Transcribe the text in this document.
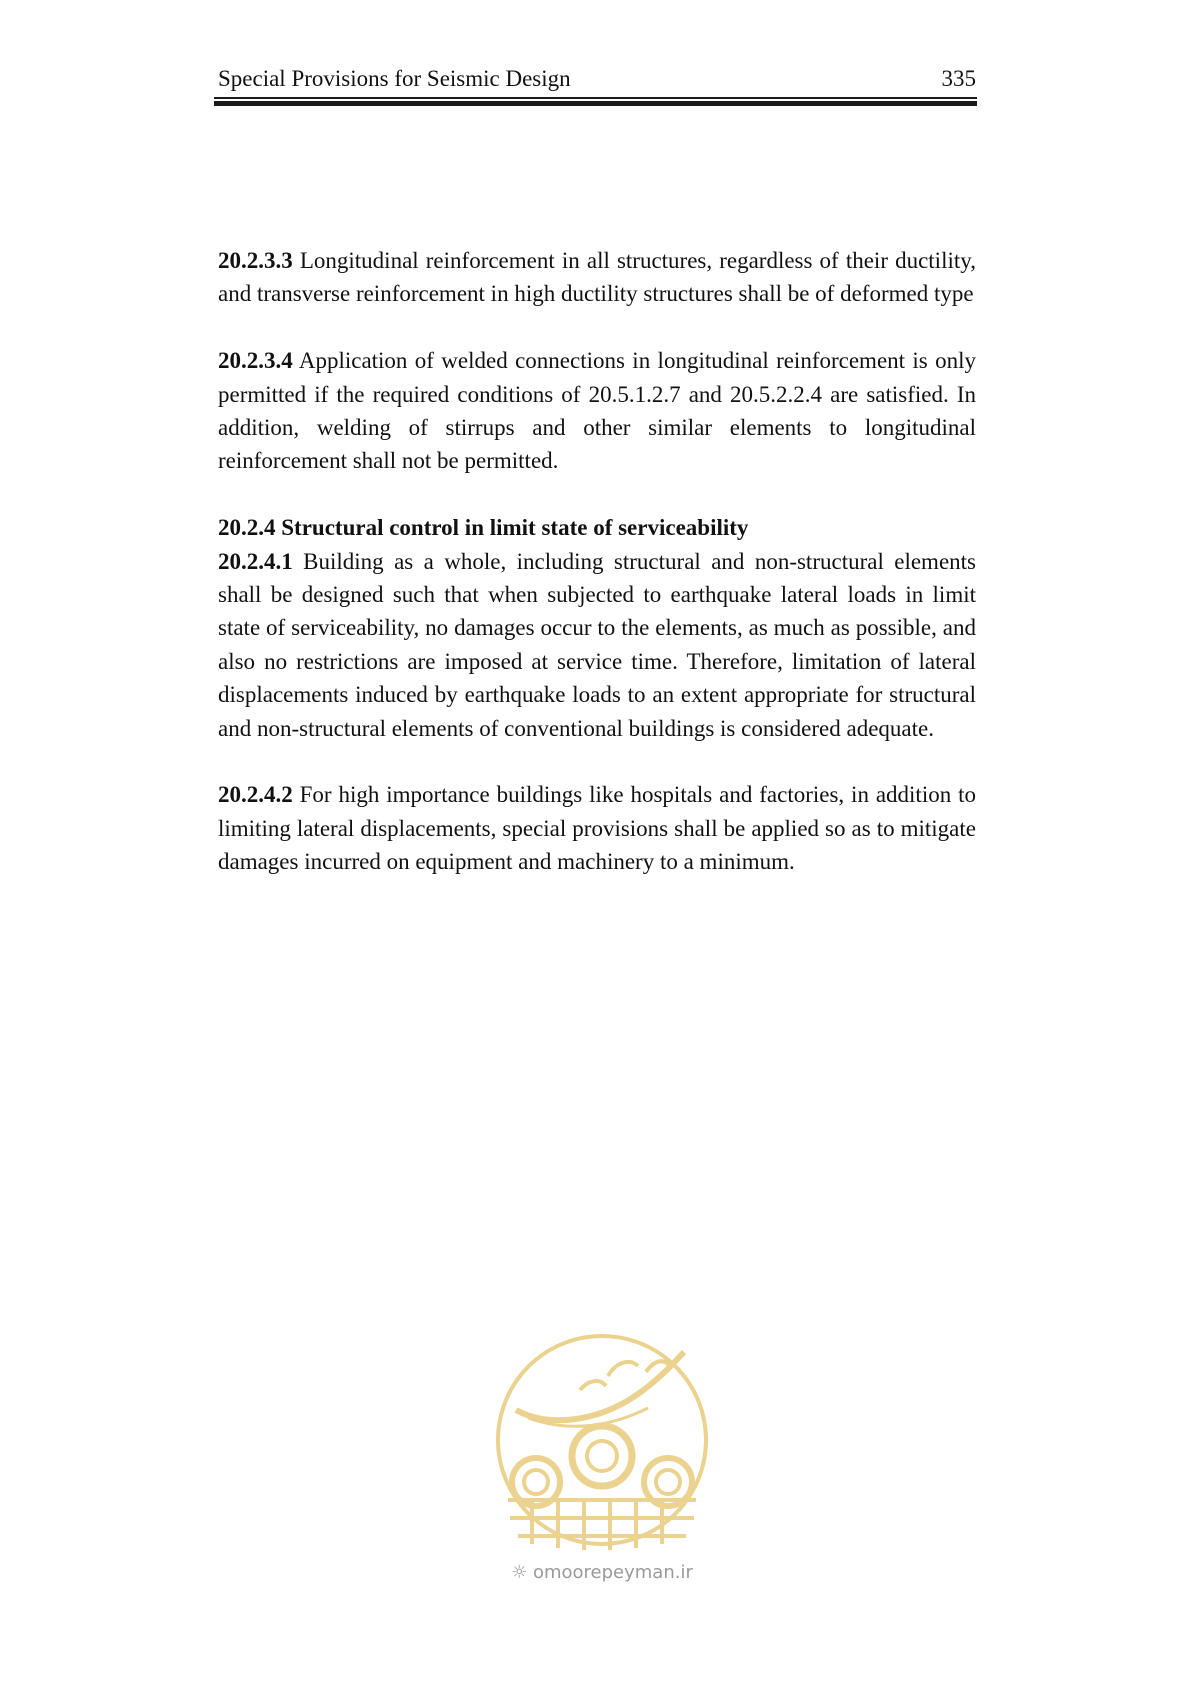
Special Provisions for Seismic Design	335

20.2.3.3 Longitudinal reinforcement in all structures, regardless of their ductility, and transverse reinforcement in high ductility structures shall be of deformed type

20.2.3.4 Application of welded connections in longitudinal reinforcement is only permitted if the required conditions of 20.5.1.2.7 and 20.5.2.2.4 are satisfied. In addition, welding of stirrups and other similar elements to longitudinal reinforcement shall not be permitted.

20.2.4 Structural control in limit state of serviceability

20.2.4.1 Building as a whole, including structural and non-structural elements shall be designed such that when subjected to earthquake lateral loads in limit state of serviceability, no damages occur to the elements, as much as possible, and also no restrictions are imposed at service time. Therefore, limitation of lateral displacements induced by earthquake loads to an extent appropriate for structural and non-structural elements of conventional buildings is considered adequate.

20.2.4.2 For high importance buildings like hospitals and factories, in addition to limiting lateral displacements, special provisions shall be applied so as to mitigate damages incurred on equipment and machinery to a minimum.

☼ omoorepeyman.ir
